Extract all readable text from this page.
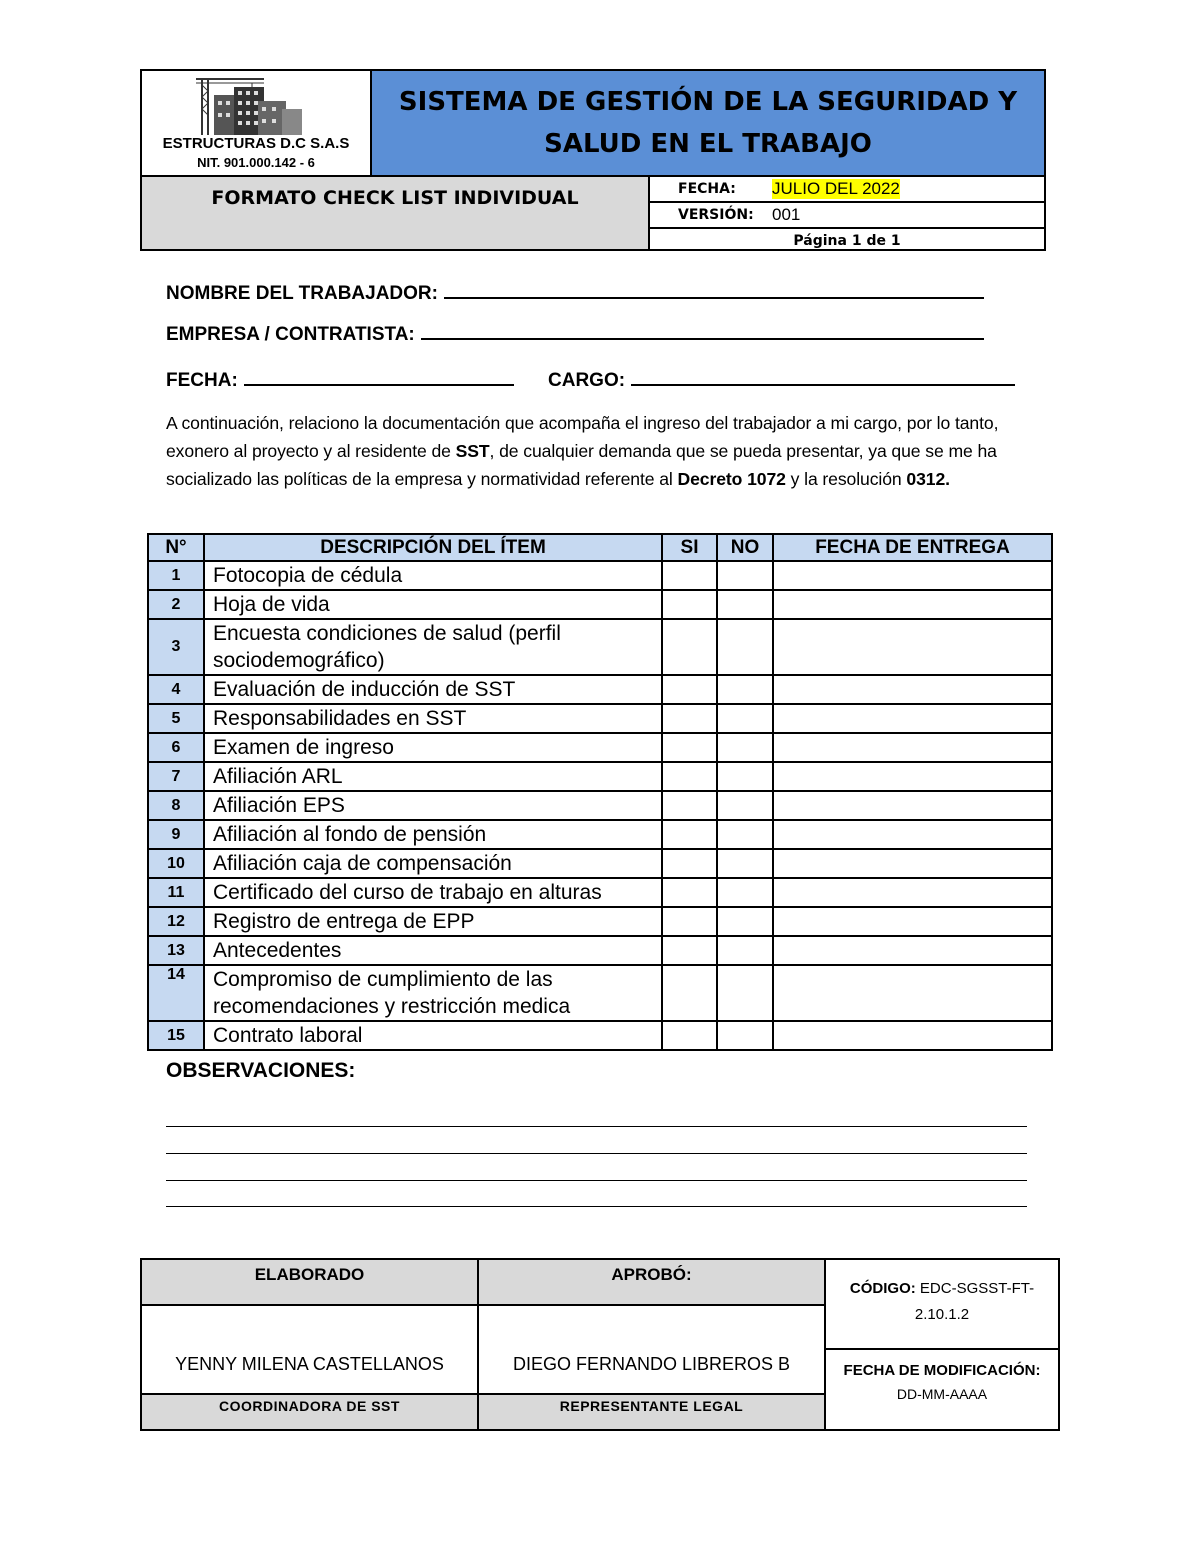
ESTRUCTURAS D.C S.A.S
NIT. 901.000.142 - 6
SISTEMA DE GESTIÓN DE LA SEGURIDAD Y SALUD EN EL TRABAJO
FORMATO CHECK LIST INDIVIDUAL	FECHA: JULIO DEL 2022
VERSIÓN: 001
Página 1 de 1
NOMBRE DEL TRABAJADOR:
EMPRESA / CONTRATISTA:
FECHA:	CARGO:
A continuación, relaciono la documentación que acompaña el ingreso del trabajador a mi cargo, por lo tanto, exonero al proyecto y al residente de SST, de cualquier demanda que se pueda presentar, ya que se me ha socializado las políticas de la empresa y normatividad referente al Decreto 1072 y la resolución 0312.
N°	DESCRIPCIÓN DEL ÍTEM	SI	NO	FECHA DE ENTREGA
1	Fotocopia de cédula			
2	Hoja de vida			
3	Encuesta condiciones de salud (perfil sociodemográfico)			
4	Evaluación de inducción de SST			
5	Responsabilidades en SST			
6	Examen de ingreso			
7	Afiliación ARL			
8	Afiliación EPS			
9	Afiliación al fondo de pensión			
10	Afiliación caja de compensación			
11	Certificado del curso de trabajo en alturas			
12	Registro de entrega de EPP			
13	Antecedentes			
14	Compromiso de cumplimiento de las recomendaciones y restricción medica			
15	Contrato laboral			
OBSERVACIONES:
ELABORADO
YENNY MILENA CASTELLANOS
COORDINADORA DE SST
APROBÓ:
DIEGO FERNANDO LIBREROS B
REPRESENTANTE LEGAL
CÓDIGO: EDC-SGSST-FT-2.10.1.2
FECHA DE MODIFICACIÓN:
DD-MM-AAAA
